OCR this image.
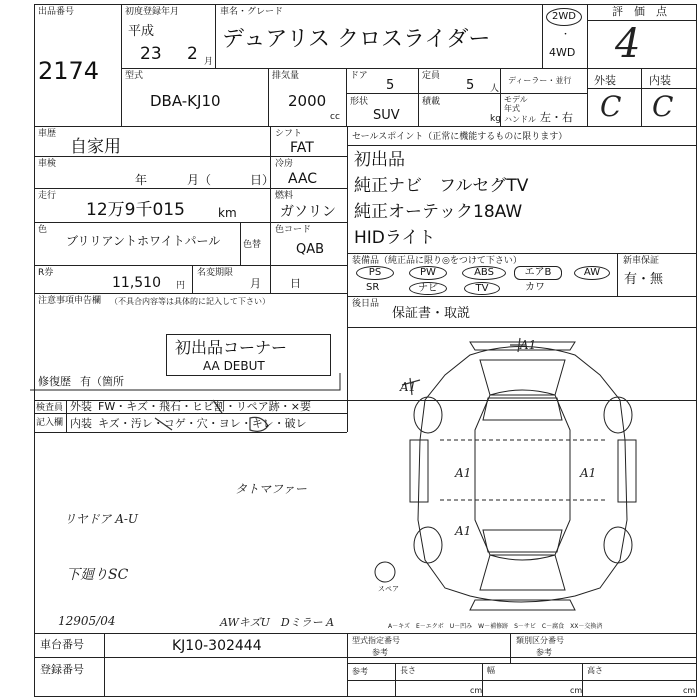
出品番号
2174
初度登録年月
平成
23 2 月
車名・グレード
デュアリス クロスライダー
2WD
・
4WD
評　価　点
4
型式
DBA-KJ10
排気量
2000
cc
ドア
5
定員
5 人
ディーラー・並行
形状
SUV
積載
kg
モデル
年式
ハンドル 左・右
外装	内装
C C
車歴
自家用
シフト
FAT
車検
年	月（	日）
冷房
AAC
走行
12万9千015	km
燃料
ガソリン
色
ブリリアントホワイトパール	色替
色コード
QAB
R券
11,510 円
名変期限
月	日
セールスポイント（正常に機能するものに限ります）
初出品
純正ナビ　フルセグTV
純正オーテック18AW
HIDライト
装備品（純正品に限り◎をつけて下さい）
PS	PW	ABS	エアB	AW
SR	ナビ	TV	カワ
新車保証
有・無
注意事項申告欄 （不具合内容等は具体的に記入して下さい）	後日品
保証書・取説
初出品コーナー
AA DEBUT
修復歴 有（箇所
検査員
記入欄
外装 FW・キズ・飛石・ヒビ割・リペア跡・×要
内装 キズ・汚レ・コゲ・穴・ヨレ・キレ・破レ
タトマファー
リヤドア A-U
下廻りSC
12905/04	AWキズU　Dミラー A
A1
A1	A1
A1
A1
スペア
A－キズ　E－エクボ　U－凹み　W－補修跡　S－サビ　C－腐食　XX－交換済
車台番号	KJ10-302444
登録番号
型式指定番号
参考
類別区分番号
参考
参考	長さ
cm
幅
cm
高さ
cm
